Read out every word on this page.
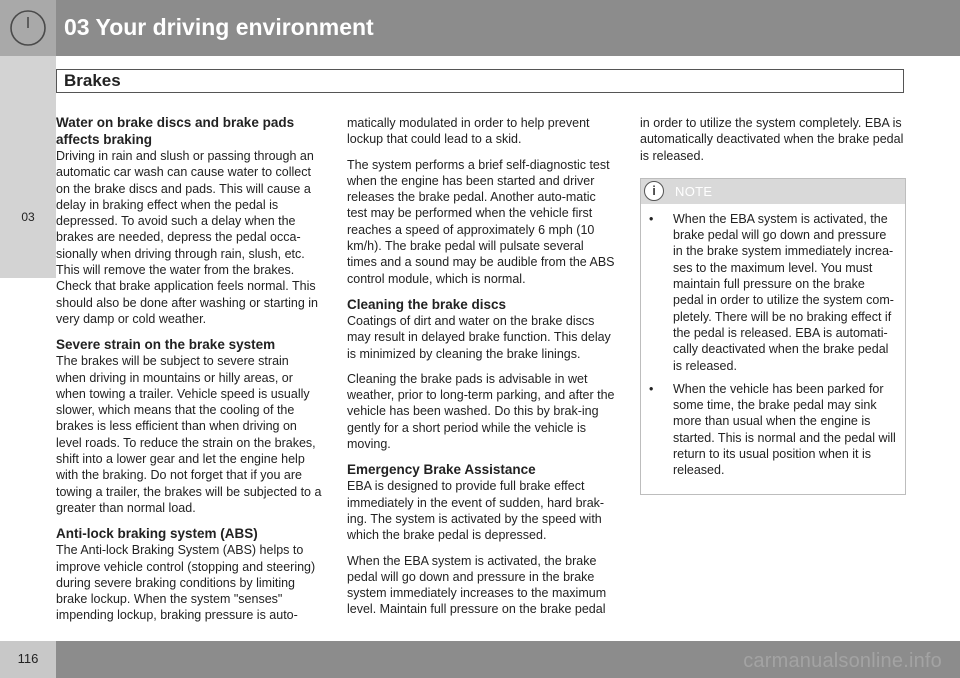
03 Your driving environment
03
Brakes
Water on brake discs and brake pads affects braking

Driving in rain and slush or passing through an automatic car wash can cause water to collect on the brake discs and pads. This will cause a delay in braking effect when the pedal is depressed. To avoid such a delay when the brakes are needed, depress the pedal occa-sionally when driving through rain, slush, etc. This will remove the water from the brakes. Check that brake application feels normal. This should also be done after washing or starting in very damp or cold weather.

Severe strain on the brake system

The brakes will be subject to severe strain when driving in mountains or hilly areas, or when towing a trailer. Vehicle speed is usually slower, which means that the cooling of the brakes is less efficient than when driving on level roads. To reduce the strain on the brakes, shift into a lower gear and let the engine help with the braking. Do not forget that if you are towing a trailer, the brakes will be subjected to a greater than normal load.

Anti-lock braking system (ABS)

The Anti-lock Braking System (ABS) helps to improve vehicle control (stopping and steering) during severe braking conditions by limiting brake lockup. When the system "senses" impending lockup, braking pressure is auto-

matically modulated in order to help prevent lockup that could lead to a skid.

The system performs a brief self-diagnostic test when the engine has been started and driver releases the brake pedal. Another auto-matic test may be performed when the vehicle first reaches a speed of approximately 6 mph (10 km/h). The brake pedal will pulsate several times and a sound may be audible from the ABS control module, which is normal.

Cleaning the brake discs

Coatings of dirt and water on the brake discs may result in delayed brake function. This delay is minimized by cleaning the brake linings.

Cleaning the brake pads is advisable in wet weather, prior to long-term parking, and after the vehicle has been washed. Do this by brak-ing gently for a short period while the vehicle is moving.

Emergency Brake Assistance

EBA is designed to provide full brake effect immediately in the event of sudden, hard brak-ing. The system is activated by the speed with which the brake pedal is depressed.

When the EBA system is activated, the brake pedal will go down and pressure in the brake system immediately increases to the maximum level. Maintain full pressure on the brake pedal

in order to utilize the system completely. EBA is automatically deactivated when the brake pedal is released.

i	NOTE
• When the EBA system is activated, the brake pedal will go down and pressure in the brake system immediately increa-ses to the maximum level. You must maintain full pressure on the brake pedal in order to utilize the system com-pletely. There will be no braking effect if the pedal is released. EBA is automati-cally deactivated when the brake pedal is released.
• When the vehicle has been parked for some time, the brake pedal may sink more than usual when the engine is started. This is normal and the pedal will return to its usual position when it is released.
116	carmanualsonline.info
